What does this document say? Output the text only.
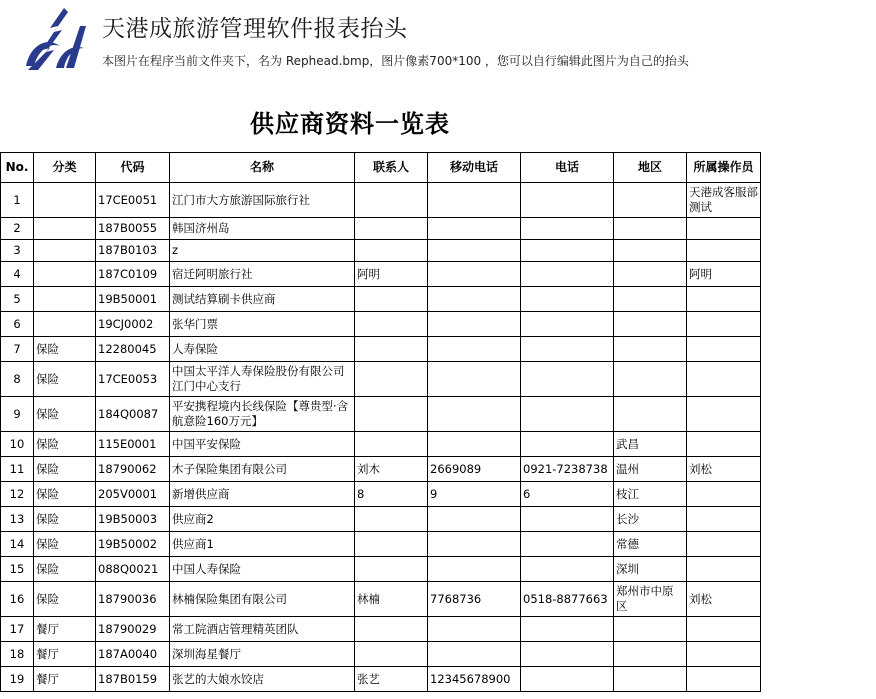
天港成旅游管理软件报表抬头
本图片在程序当前文件夹下，名为 Rephead.bmp，图片像素700*100 ，您可以自行编辑此图片为自己的抬头
供应商资料一览表
No.	分类	代码	名称	联系人	移动电话	电话	地区	所属操作员
1		17CE0051	江门市大方旅游国际旅行社					天港成客服部测试
2		187B0055	韩国济州岛					
3		187B0103	z					
4		187C0109	宿迁阿明旅行社	阿明				阿明
5		19B50001	测试结算刷卡供应商					
6		19CJ0002	张华门票					
7	保险	12280045	人寿保险					
8	保险	17CE0053	中国太平洋人寿保险股份有限公司江门中心支行					
9	保险	184Q0087	平安携程境内长线保险【尊贵型·含航意险160万元】					
10	保险	115E0001	中国平安保险				武昌	
11	保险	18790062	木子保险集团有限公司	刘木	2669089	0921-7238738	温州	刘松
12	保险	205V0001	新增供应商	8	9	6	枝江	
13	保险	19B50003	供应商2				长沙	
14	保险	19B50002	供应商1				常德	
15	保险	088Q0021	中国人寿保险				深圳	
16	保险	18790036	林楠保险集团有限公司	林楠	7768736	0518-8877663	郑州市中原区	刘松
17	餐厅	18790029	常工院酒店管理精英团队					
18	餐厅	187A0040	深圳海星餐厅					
19	餐厅	187B0159	张艺的大娘水饺店	张艺	12345678900			
